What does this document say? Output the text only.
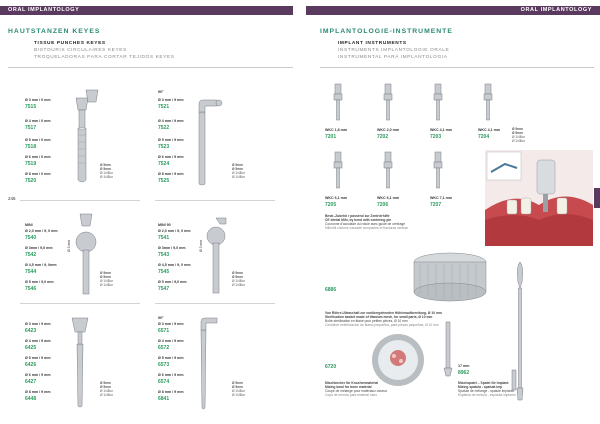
ORAL IMPLANTOLOGY
HAUTSTANZEN KEYES
TISSUE PUNCHES KEYES
BISTOURIS CIRCULAIRES KEYES
TROQUELADORAS PARA CORTAR TEJIDOS KEYES
246
Ø 3 mm / 0 mm
7515
Ø 4 mm / 0 mm
7517
Ø 5 mm / 0 mm
7518
Ø 6 mm / 0 mm
7519
Ø 8 mm / 0 mm
7520
Ø 5mm
Ø 5mm
Ø 1/4Bur
Ø 1/4Bur
90°
Ø 3 mm / 9 mm
7521
Ø 4 mm / 9 mm
7522
Ø 5 mm / 9 mm
7523
Ø 6 mm / 9 mm
7524
Ø 8 mm / 9 mm
7525
Ø 5mm
Ø 5mm
Ø 1/4Bur
Ø 1/4Bur
MINI
Ø 2,0 mm / 9, 0 mm
7540
Ø 3mm / 9,0 mm
7542
Ø 4,5 mm / 9, 0mm
7544
Ø 5 mm / 9,0 mm
7546
Ø 3 mm
Ø 5mm
Ø 5mm
Ø 1/4Bur
Ø 1/4Bur
MINI 90
Ø 2,0 mm / 9, 0 mm
7541
Ø 3mm / 9,0 mm
7543
Ø 4,5 mm / 9, 0 mm
7545
Ø 5 mm / 9,0 mm
7547
Ø 3 mm
Ø 5mm
Ø 5mm
Ø 1/4Bur
Ø 1/4Bur
Ø 3 mm / 9 mm
6423
Ø 4 mm / 9 mm
6425
Ø 5 mm / 9 mm
6426
Ø 6 mm / 9 mm
6427
Ø 8 mm / 9 mm
6448
Ø 5mm
Ø 5mm
Ø 1/4Bur
Ø 1/4Bur
90°
Ø 3 mm / 9 mm
6571
Ø 4 mm / 9 mm
6572
Ø 5 mm / 9 mm
6573
Ø 6 mm / 9 mm
6574
Ø 8 mm / 9 mm
6841
Ø 5mm
Ø 5mm
Ø 1/4Bur
Ø 1/4Bur
ORAL IMPLANTOLOGY
IMPLANTOLOGIE-INSTRUMENTE
IMPLANT INSTRUMENTS
INSTRUMENTS IMPLANTOLOGIE ORALE
INSTRUMENTAL PARA IMPLANTOLOGIA
WKC 1,8 mm
7201
WKC 2,0 mm
7202
WKC 4,1 mm
7203
WKC 4,1 mm
7204
Ø 5mm
Ø 5mm
Ø 1/4Bur
Ø 1/4Bur
WKC 6,1 mm
7205
WKC 6,1 mm
7206
WKC 7,1 mm
7207
Bestr.-Zubehö r passend zur Zentrierhilfe
CE dental Mihi, by bend with centering pin
Couronne d'accolade du rotule avec guide de centrage
Milhohli colonne cascade compactes et fracturas centrae
6886
Von Röhre-Ultraschall zur vorübergehenden Höhlenaufbereitung, Ø 10 mm
Sterilisation basket made of titanium mesh, for small parts, Ø 10 mm
Boîte stérilisation en titane pour petites pièces, Ø 10 mm
Container esterilización de titanio pequeños, para piezas pequeñas, Ø 10 mm
6720
Mischbecher für Knochenmaterial
Mixing bowl for bone material
Coupe de mélange pour matériaux osseux
Copa de mezcla para material óseo
17 mm
8962
Mischspatel – Spatel für Implant.
Mixing spatula - spatula imp
Spatule de mélange - spatule implanto
Espátula de mezcla - espátula implanto
